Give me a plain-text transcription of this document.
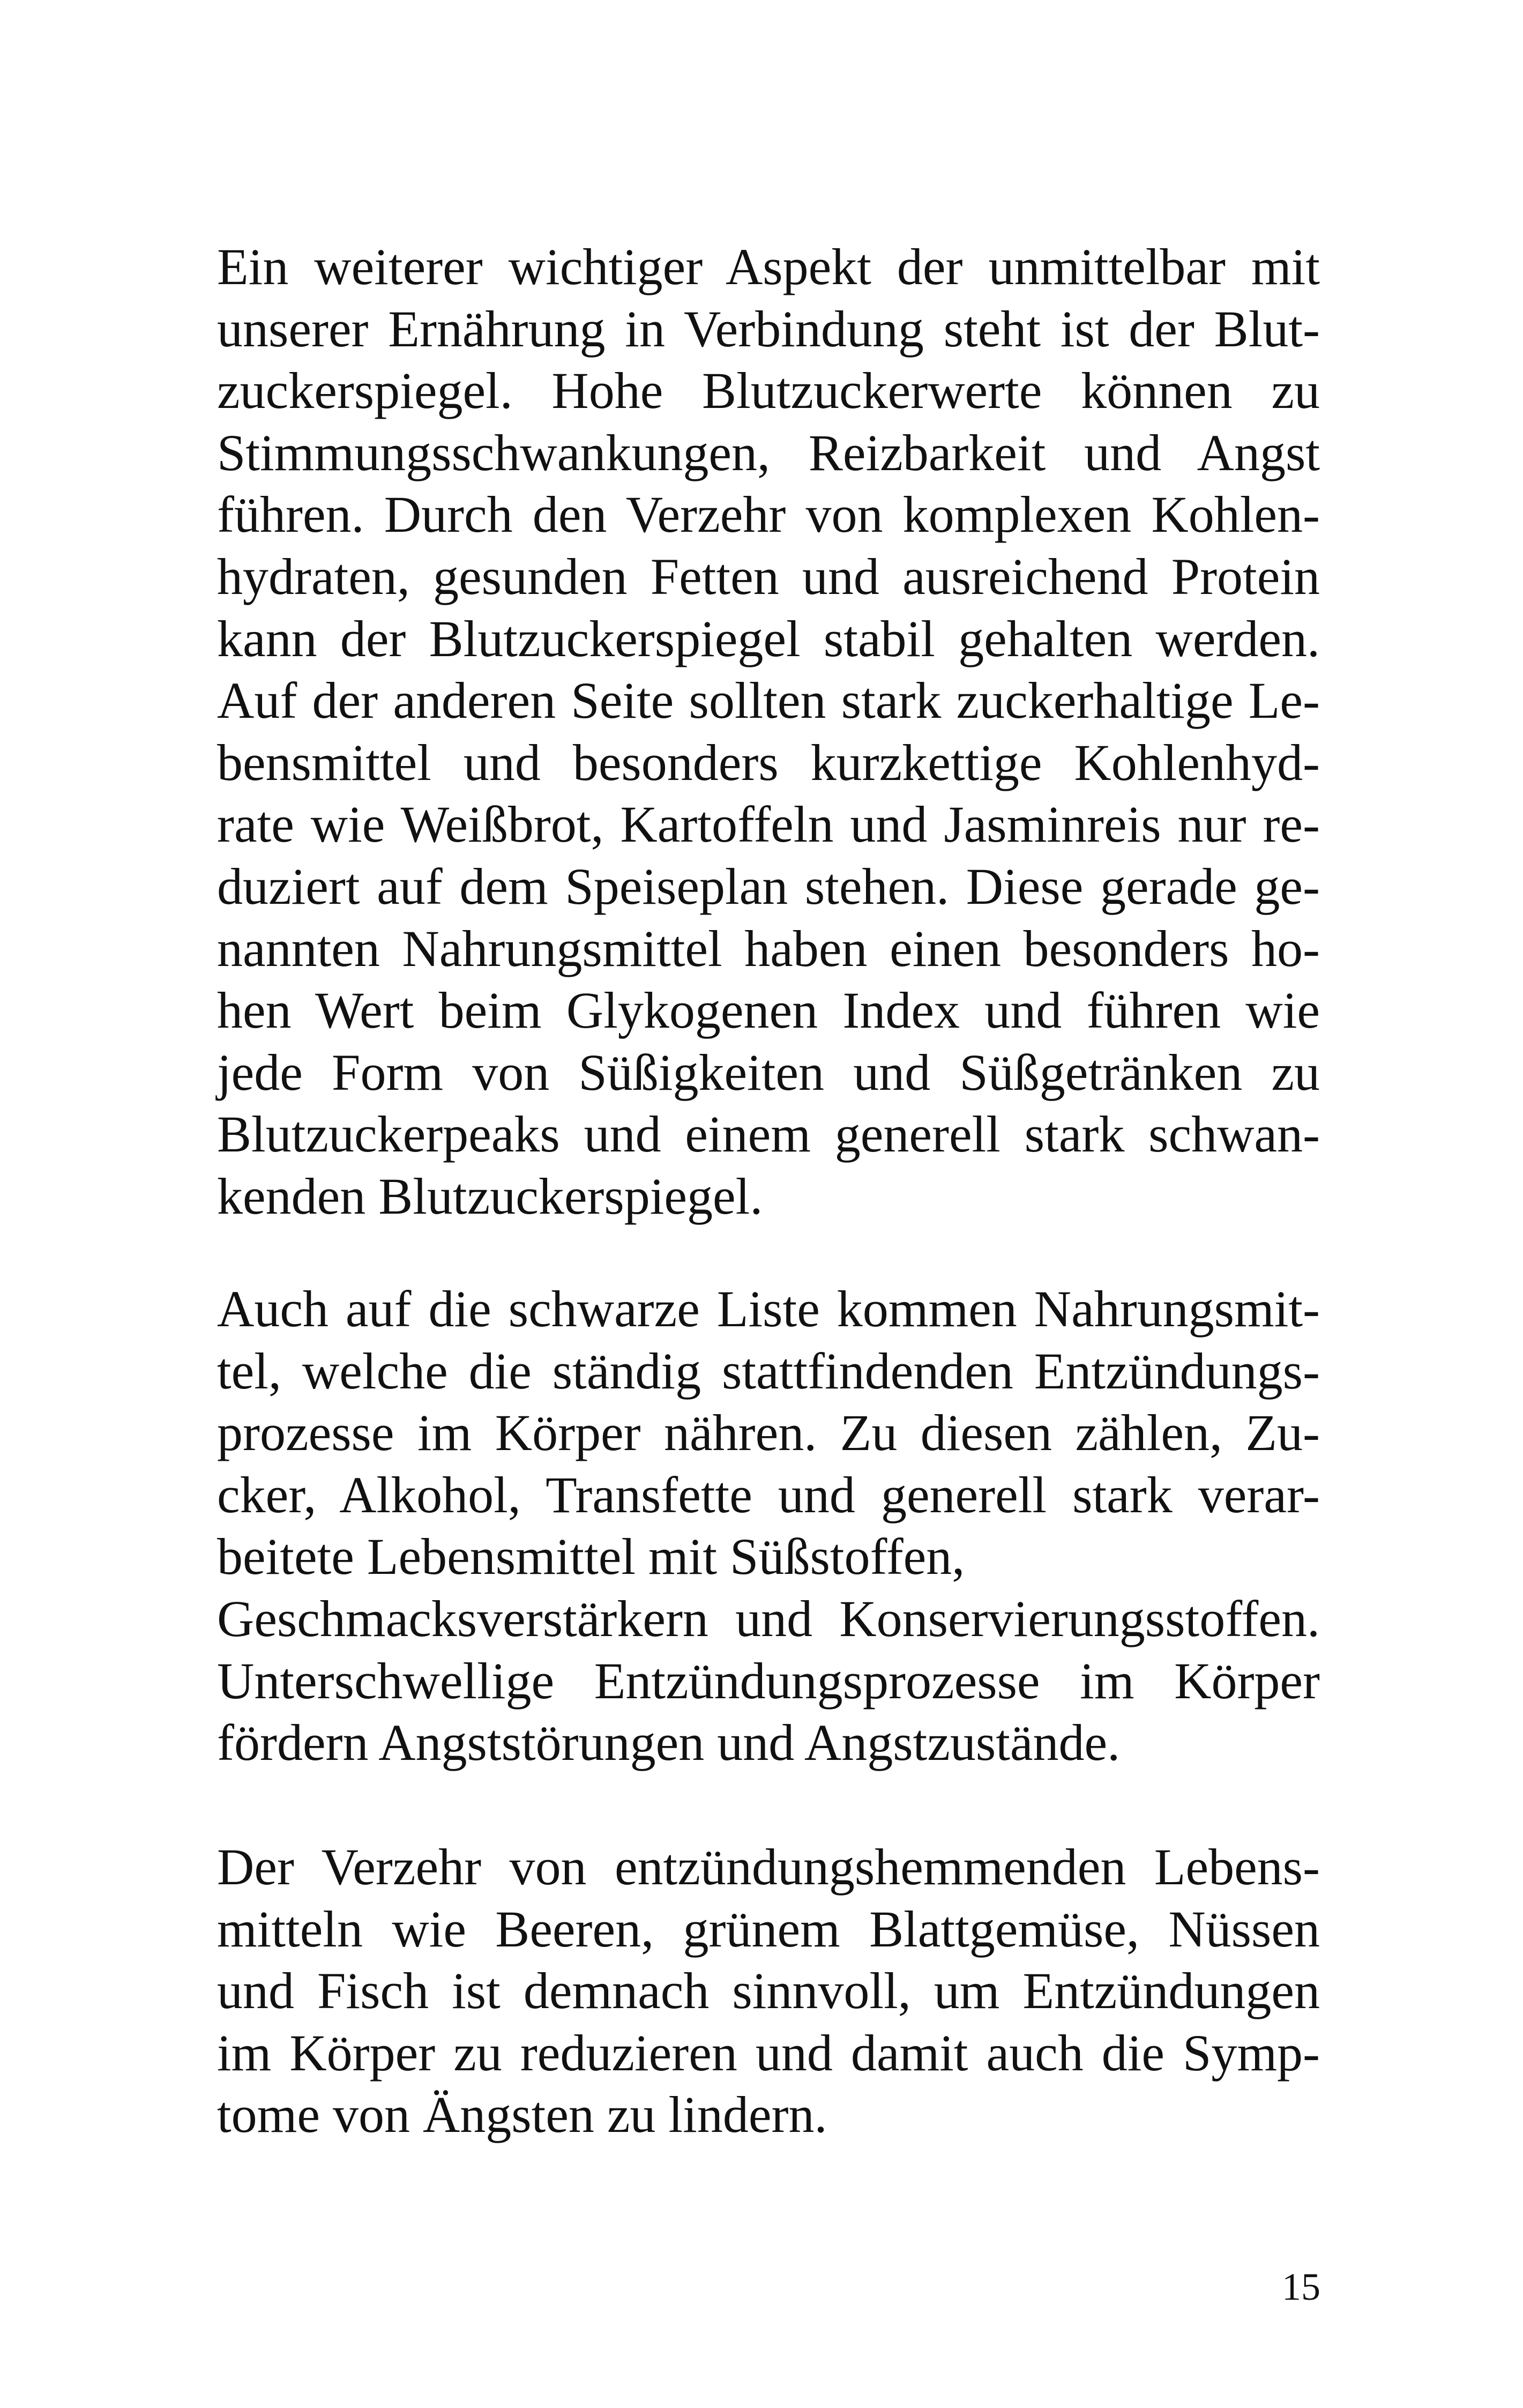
Ein weiterer wichtiger Aspekt der unmittelbar mit
unserer Ernährung in Verbindung steht ist der Blut-
zuckerspiegel. Hohe Blutzuckerwerte können zu
Stimmungsschwankungen, Reizbarkeit und Angst
führen. Durch den Verzehr von komplexen Kohlen-
hydraten, gesunden Fetten und ausreichend Protein
kann der Blutzuckerspiegel stabil gehalten werden.
Auf der anderen Seite sollten stark zuckerhaltige Le-
bensmittel und besonders kurzkettige Kohlenhyd-
rate wie Weißbrot, Kartoffeln und Jasminreis nur re-
duziert auf dem Speiseplan stehen. Diese gerade ge-
nannten Nahrungsmittel haben einen besonders ho-
hen Wert beim Glykogenen Index und führen wie
jede Form von Süßigkeiten und Süßgetränken zu
Blutzuckerpeaks und einem generell stark schwan-
kenden Blutzuckerspiegel.
Auch auf die schwarze Liste kommen Nahrungsmit-
tel, welche die ständig stattfindenden Entzündungs-
prozesse im Körper nähren. Zu diesen zählen, Zu-
cker, Alkohol, Transfette und generell stark verar-
beitete Lebensmittel mit Süßstoffen,
Geschmacksverstärkern und Konservierungsstoffen.
Unterschwellige Entzündungsprozesse im Körper
fördern Angststörungen und Angstzustände.
Der Verzehr von entzündungshemmenden Lebens-
mitteln wie Beeren, grünem Blattgemüse, Nüssen
und Fisch ist demnach sinnvoll, um Entzündungen
im Körper zu reduzieren und damit auch die Symp-
tome von Ängsten zu lindern.
15
